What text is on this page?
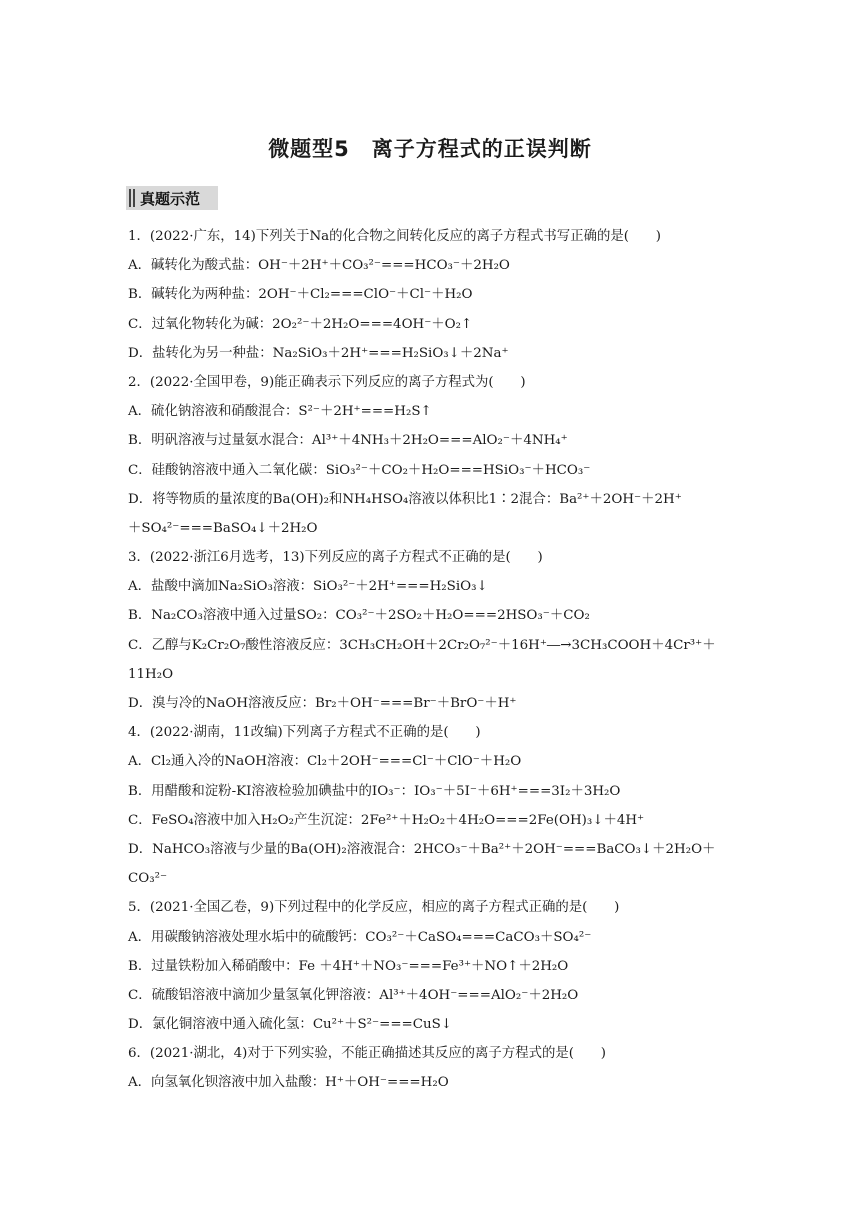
微题型5　离子方程式的正误判断
真题示范
1．(2022·广东，14)下列关于Na的化合物之间转化反应的离子方程式书写正确的是(　　)
A．碱转化为酸式盐：OH⁻＋2H⁺＋CO₃²⁻===HCO₃⁻＋2H₂O
B．碱转化为两种盐：2OH⁻＋Cl₂===ClO⁻＋Cl⁻＋H₂O
C．过氧化物转化为碱：2O₂²⁻＋2H₂O===4OH⁻＋O₂↑
D．盐转化为另一种盐：Na₂SiO₃＋2H⁺===H₂SiO₃↓＋2Na⁺
2．(2022·全国甲卷，9)能正确表示下列反应的离子方程式为(　　)
A．硫化钠溶液和硝酸混合：S²⁻＋2H⁺===H₂S↑
B．明矾溶液与过量氨水混合：Al³⁺＋4NH₃＋2H₂O===AlO₂⁻＋4NH₄⁺
C．硅酸钠溶液中通入二氧化碳：SiO₃²⁻＋CO₂＋H₂O===HSiO₃⁻＋HCO₃⁻
D．将等物质的量浓度的Ba(OH)₂和NH₄HSO₄溶液以体积比1∶2混合：Ba²⁺＋2OH⁻＋2H⁺
＋SO₄²⁻===BaSO₄↓＋2H₂O
3．(2022·浙江6月选考，13)下列反应的离子方程式不正确的是(　　)
A．盐酸中滴加Na₂SiO₃溶液：SiO₃²⁻＋2H⁺===H₂SiO₃↓
B．Na₂CO₃溶液中通入过量SO₂：CO₃²⁻＋2SO₂＋H₂O===2HSO₃⁻＋CO₂
C．乙醇与K₂Cr₂O₇酸性溶液反应：3CH₃CH₂OH＋2Cr₂O₇²⁻＋16H⁺―→3CH₃COOH＋4Cr³⁺＋
11H₂O
D．溴与冷的NaOH溶液反应：Br₂＋OH⁻===Br⁻＋BrO⁻＋H⁺
4．(2022·湖南，11改编)下列离子方程式不正确的是(　　)
A．Cl₂通入冷的NaOH溶液：Cl₂＋2OH⁻===Cl⁻＋ClO⁻＋H₂O
B．用醋酸和淀粉-KI溶液检验加碘盐中的IO₃⁻：IO₃⁻＋5I⁻＋6H⁺===3I₂＋3H₂O
C．FeSO₄溶液中加入H₂O₂产生沉淀：2Fe²⁺＋H₂O₂＋4H₂O===2Fe(OH)₃↓＋4H⁺
D．NaHCO₃溶液与少量的Ba(OH)₂溶液混合：2HCO₃⁻＋Ba²⁺＋2OH⁻===BaCO₃↓＋2H₂O＋
CO₃²⁻
5．(2021·全国乙卷，9)下列过程中的化学反应，相应的离子方程式正确的是(　　)
A．用碳酸钠溶液处理水垢中的硫酸钙：CO₃²⁻＋CaSO₄===CaCO₃＋SO₄²⁻
B．过量铁粉加入稀硝酸中：Fe ＋4H⁺＋NO₃⁻===Fe³⁺＋NO↑＋2H₂O
C．硫酸铝溶液中滴加少量氢氧化钾溶液：Al³⁺＋4OH⁻===AlO₂⁻＋2H₂O
D．氯化铜溶液中通入硫化氢：Cu²⁺＋S²⁻===CuS↓
6．(2021·湖北，4)对于下列实验，不能正确描述其反应的离子方程式的是(　　)
A．向氢氧化钡溶液中加入盐酸：H⁺＋OH⁻===H₂O
